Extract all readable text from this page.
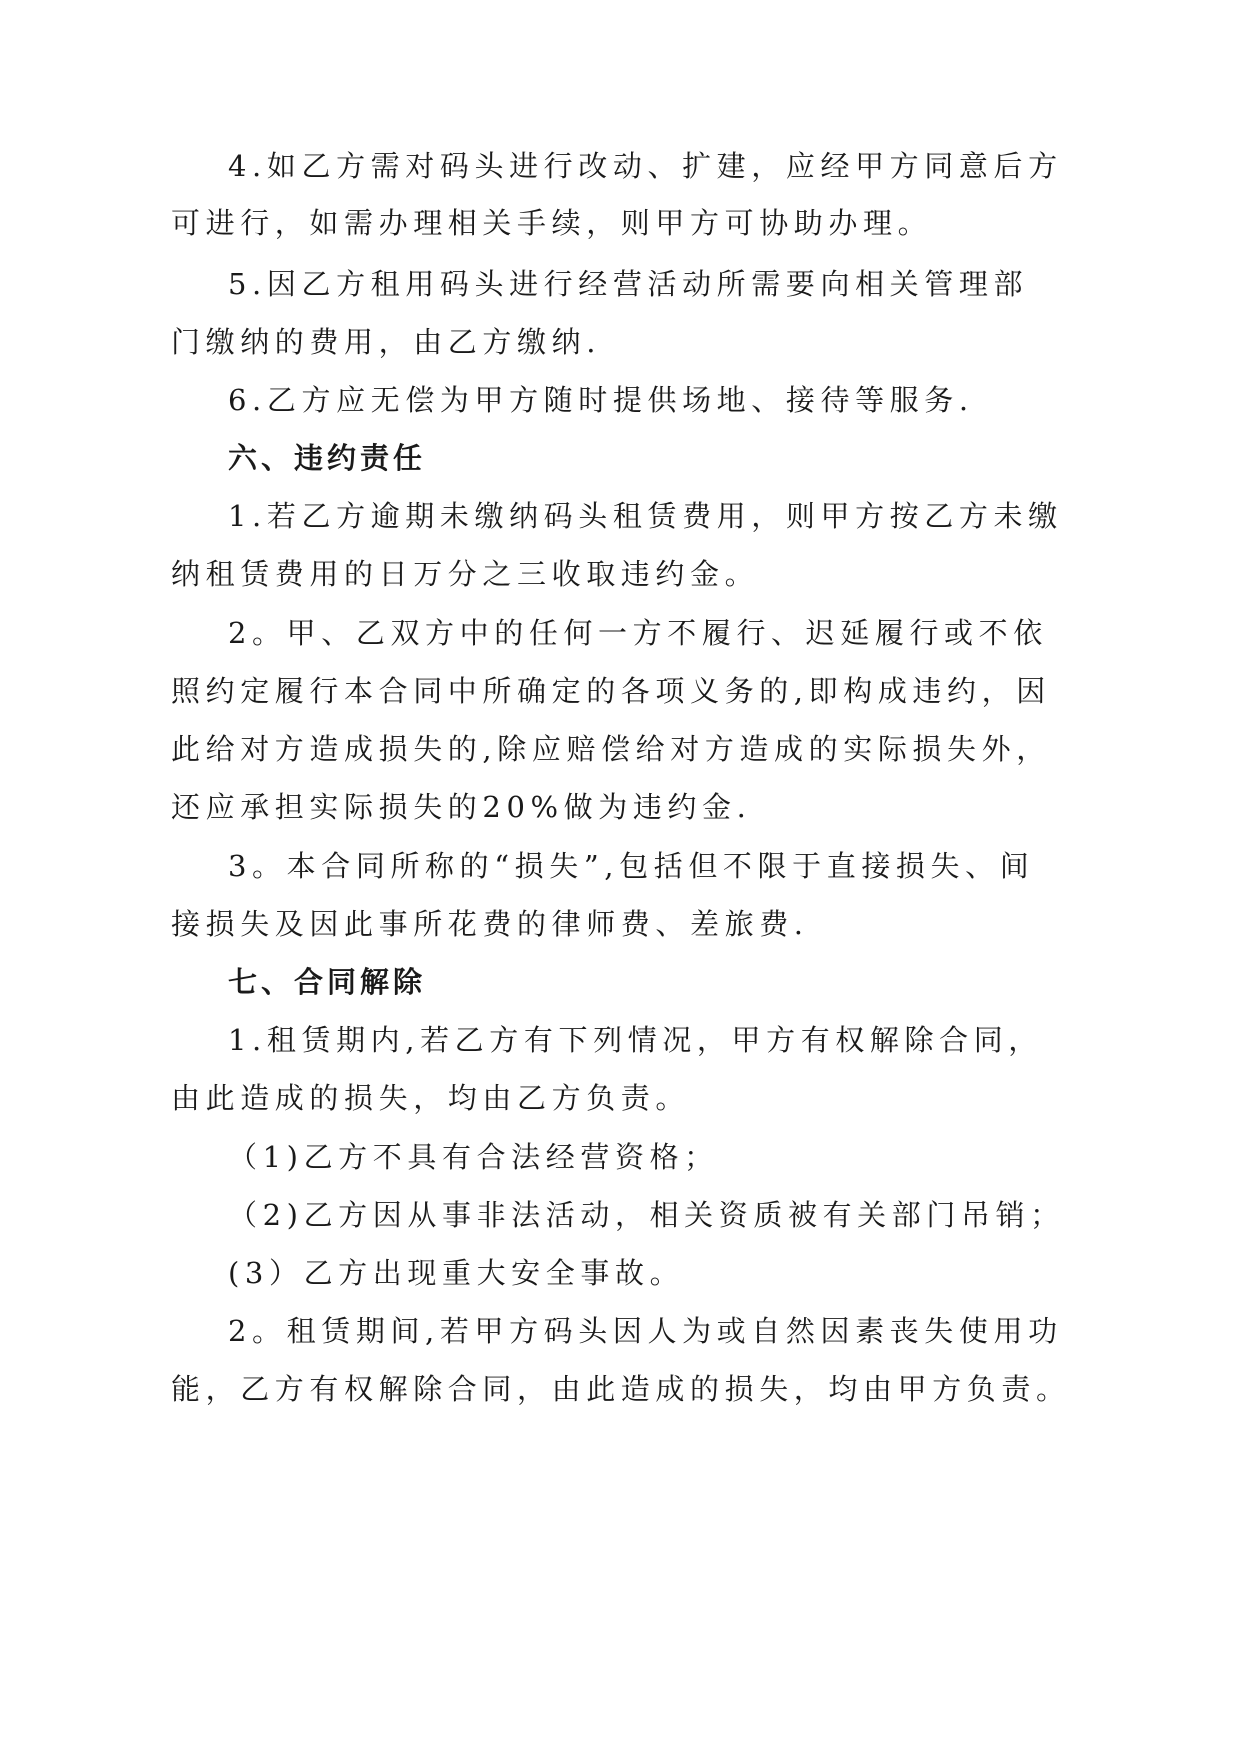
4.如乙方需对码头进行改动、扩建，应经甲方同意后方
可进行，如需办理相关手续，则甲方可协助办理。
5.因乙方租用码头进行经营活动所需要向相关管理部
门缴纳的费用，由乙方缴纳.
6.乙方应无偿为甲方随时提供场地、接待等服务.
六、违约责任
1.若乙方逾期未缴纳码头租赁费用，则甲方按乙方未缴
纳租赁费用的日万分之三收取违约金。
2。甲、乙双方中的任何一方不履行、迟延履行或不依
照约定履行本合同中所确定的各项义务的,即构成违约，因
此给对方造成损失的,除应赔偿给对方造成的实际损失外，
还应承担实际损失的20%做为违约金.
3。本合同所称的“损失”,包括但不限于直接损失、间
接损失及因此事所花费的律师费、差旅费.
七、合同解除
1.租赁期内,若乙方有下列情况，甲方有权解除合同，
由此造成的损失，均由乙方负责。
（1)乙方不具有合法经营资格；
（2)乙方因从事非法活动，相关资质被有关部门吊销；
(3）乙方出现重大安全事故。
2。租赁期间,若甲方码头因人为或自然因素丧失使用功
能，乙方有权解除合同，由此造成的损失，均由甲方负责。
